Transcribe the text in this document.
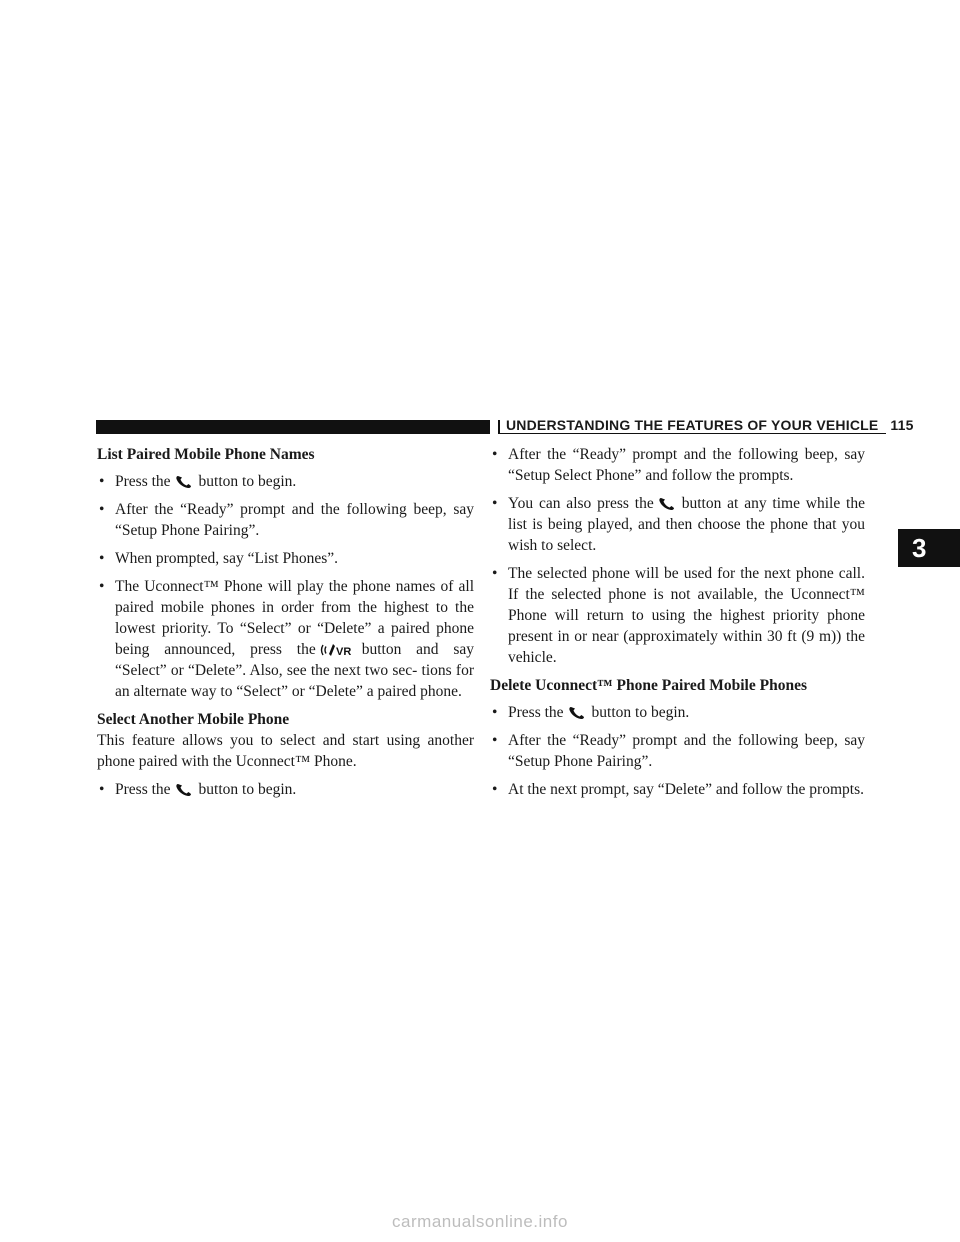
UNDERSTANDING THE FEATURES OF YOUR VEHICLE 115
3
List Paired Mobile Phone Names
• Press the button to begin.
• After the “Ready” prompt and the following beep, say “Setup Phone Pairing”.
• When prompted, say “List Phones”.
• The Uconnect™ Phone will play the phone names of all paired mobile phones in order from the highest to the lowest priority. To “Select” or “Delete” a paired phone being announced, press the VR button and say “Select” or “Delete”. Also, see the next two sec- tions for an alternate way to “Select” or “Delete” a paired phone.
Select Another Mobile Phone

This feature allows you to select and start using another phone paired with the Uconnect™ Phone.

• Press the button to begin.
• After the “Ready” prompt and the following beep, say “Setup Select Phone” and follow the prompts.
• You can also press the button at any time while the list is being played, and then choose the phone that you wish to select.
• The selected phone will be used for the next phone call. If the selected phone is not available, the Uconnect™ Phone will return to using the highest priority phone present in or near (approximately within 30 ft (9 m)) the vehicle.
Delete Uconnect™ Phone Paired Mobile Phones
• Press the button to begin.
• After the “Ready” prompt and the following beep, say “Setup Phone Pairing”.
• At the next prompt, say “Delete” and follow the prompts.
carmanualsonline.info
